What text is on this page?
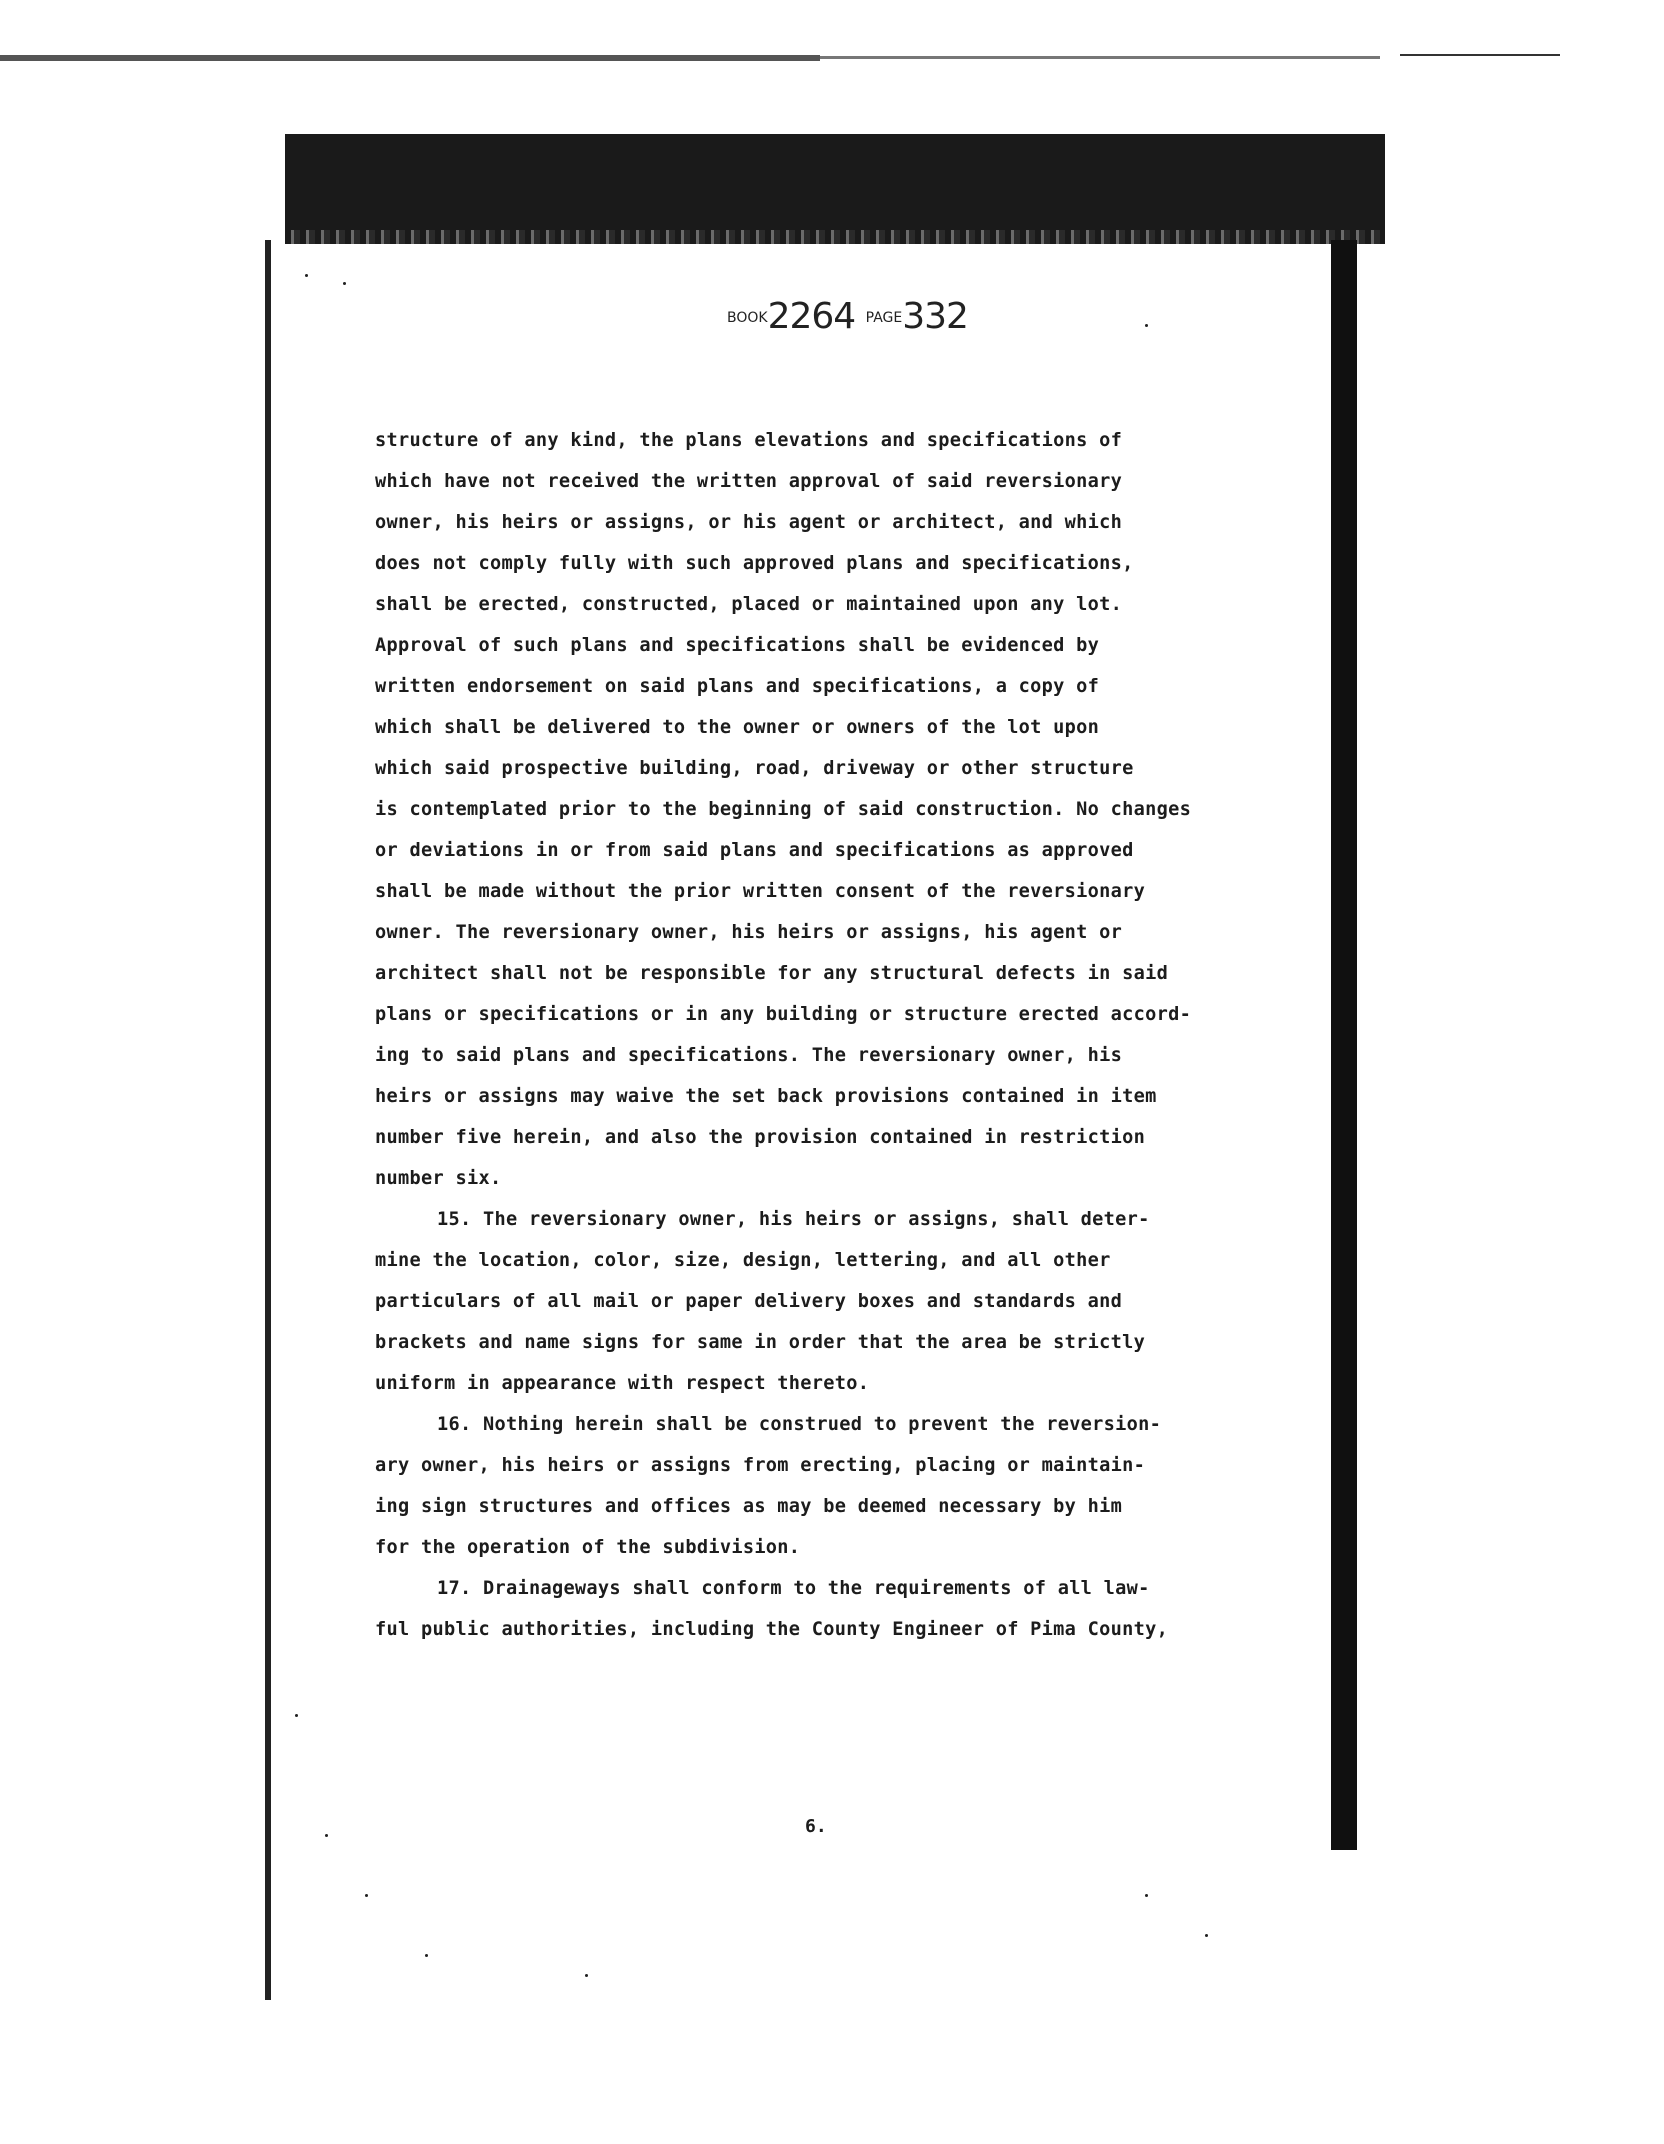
BOOK2264 PAGE332
structure of any kind, the plans elevations and specifications of
which have not received the written approval of said reversionary
owner, his heirs or assigns, or his agent or architect, and which
does not comply fully with such approved plans and specifications,
shall be erected, constructed, placed or maintained upon any lot.
Approval of such plans and specifications shall be evidenced by
written endorsement on said plans and specifications, a copy of
which shall be delivered to the owner or owners of the lot upon
which said prospective building, road, driveway or other structure
is contemplated prior to the beginning of said construction. No changes
or deviations in or from said plans and specifications as approved
shall be made without the prior written consent of the reversionary
owner. The reversionary owner, his heirs or assigns, his agent or
architect shall not be responsible for any structural defects in said
plans or specifications or in any building or structure erected accord-
ing to said plans and specifications. The reversionary owner, his
heirs or assigns may waive the set back provisions contained in item
number five herein, and also the provision contained in restriction
number six.
15. The reversionary owner, his heirs or assigns, shall deter-
mine the location, color, size, design, lettering, and all other
particulars of all mail or paper delivery boxes and standards and
brackets and name signs for same in order that the area be strictly
uniform in appearance with respect thereto.
16. Nothing herein shall be construed to prevent the reversion-
ary owner, his heirs or assigns from erecting, placing or maintain-
ing sign structures and offices as may be deemed necessary by him
for the operation of the subdivision.
17. Drainageways shall conform to the requirements of all law-
ful public authorities, including the County Engineer of Pima County,
6.
